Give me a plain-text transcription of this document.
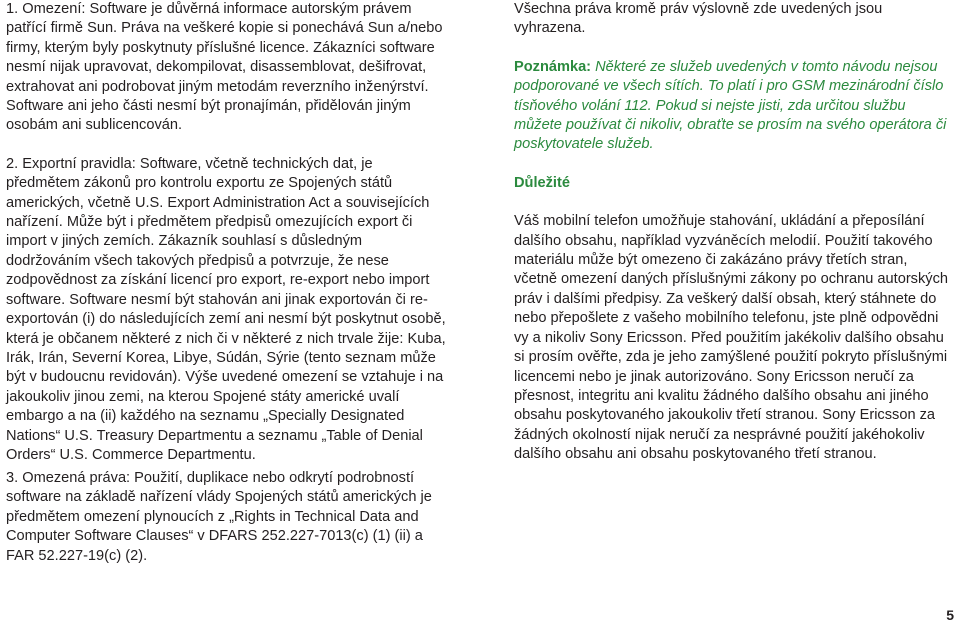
1. Omezení: Software je důvěrná informace autorským právem patřící firmě Sun. Práva na veškeré kopie si ponechává Sun a/nebo firmy, kterým byly poskytnuty příslušné licence. Zákazníci software nesmí nijak upravovat, dekompilovat, disassemblovat, dešifrovat, extrahovat ani podrobovat jiným metodám reverzního inženýrství. Software ani jeho části nesmí být pronajímán, přidělován jiným osobám ani sublicencován.

2. Exportní pravidla: Software, včetně technických dat, je předmětem zákonů pro kontrolu exportu ze Spojených států amerických, včetně U.S. Export Administration Act a souvisejících nařízení. Může být i předmětem předpisů omezujících export či import v jiných zemích. Zákazník souhlasí s důsledným dodržováním všech takových předpisů a potvrzuje, že nese zodpovědnost za získání licencí pro export, re-export nebo import software. Software nesmí být stahován ani jinak exportován či re-exportován (i) do následujících zemí ani nesmí být poskytnut osobě, která je občanem některé z nich či v některé z nich trvale žije: Kuba, Irák, Irán, Severní Korea, Libye, Súdán, Sýrie (tento seznam může být v budoucnu revidován). Výše uvedené omezení se vztahuje i na jakoukoliv jinou zemi, na kterou Spojené státy americké uvalí embargo a na (ii) každého na seznamu „Specially Designated Nations“ U.S. Treasury Departmentu a seznamu „Table of Denial Orders“ U.S. Commerce Departmentu.

3. Omezená práva: Použití, duplikace nebo odkrytí podrobností software na základě nařízení vlády Spojených států amerických je předmětem omezení plynoucích z „Rights in Technical Data and Computer Software Clauses“ v DFARS 252.227-7013(c) (1) (ii) a FAR 52.227-19(c) (2).

Všechna práva kromě práv výslovně zde uvedených jsou vyhrazena.

Poznámka: Některé ze služeb uvedených v tomto návodu nejsou podporované ve všech sítích. To platí i pro GSM mezinárodní číslo tísňového volání 112. Pokud si nejste jisti, zda určitou službu můžete používat či nikoliv, obraťte se prosím na svého operátora či poskytovatele služeb.

Důležité

Váš mobilní telefon umožňuje stahování, ukládání a přeposílání dalšího obsahu, například vyzváněcích melodií. Použití takového materiálu může být omezeno či zakázáno právy třetích stran, včetně omezení daných příslušnými zákony po ochranu autorských práv i dalšími předpisy. Za veškerý další obsah, který stáhnete do nebo přepošlete z vašeho mobilního telefonu, jste plně odpovědni vy a nikoliv Sony Ericsson. Před použitím jakékoliv dalšího obsahu si prosím ověřte, zda je jeho zamýšlené použití pokryto příslušnými licencemi nebo je jinak autorizováno. Sony Ericsson neručí za přesnost, integritu ani kvalitu žádného dalšího obsahu ani jiného obsahu poskytovaného jakoukoliv třetí stranou. Sony Ericsson za žádných okolností nijak neručí za nesprávné použití jakéhokoliv dalšího obsahu ani obsahu poskytovaného třetí stranou.

5
